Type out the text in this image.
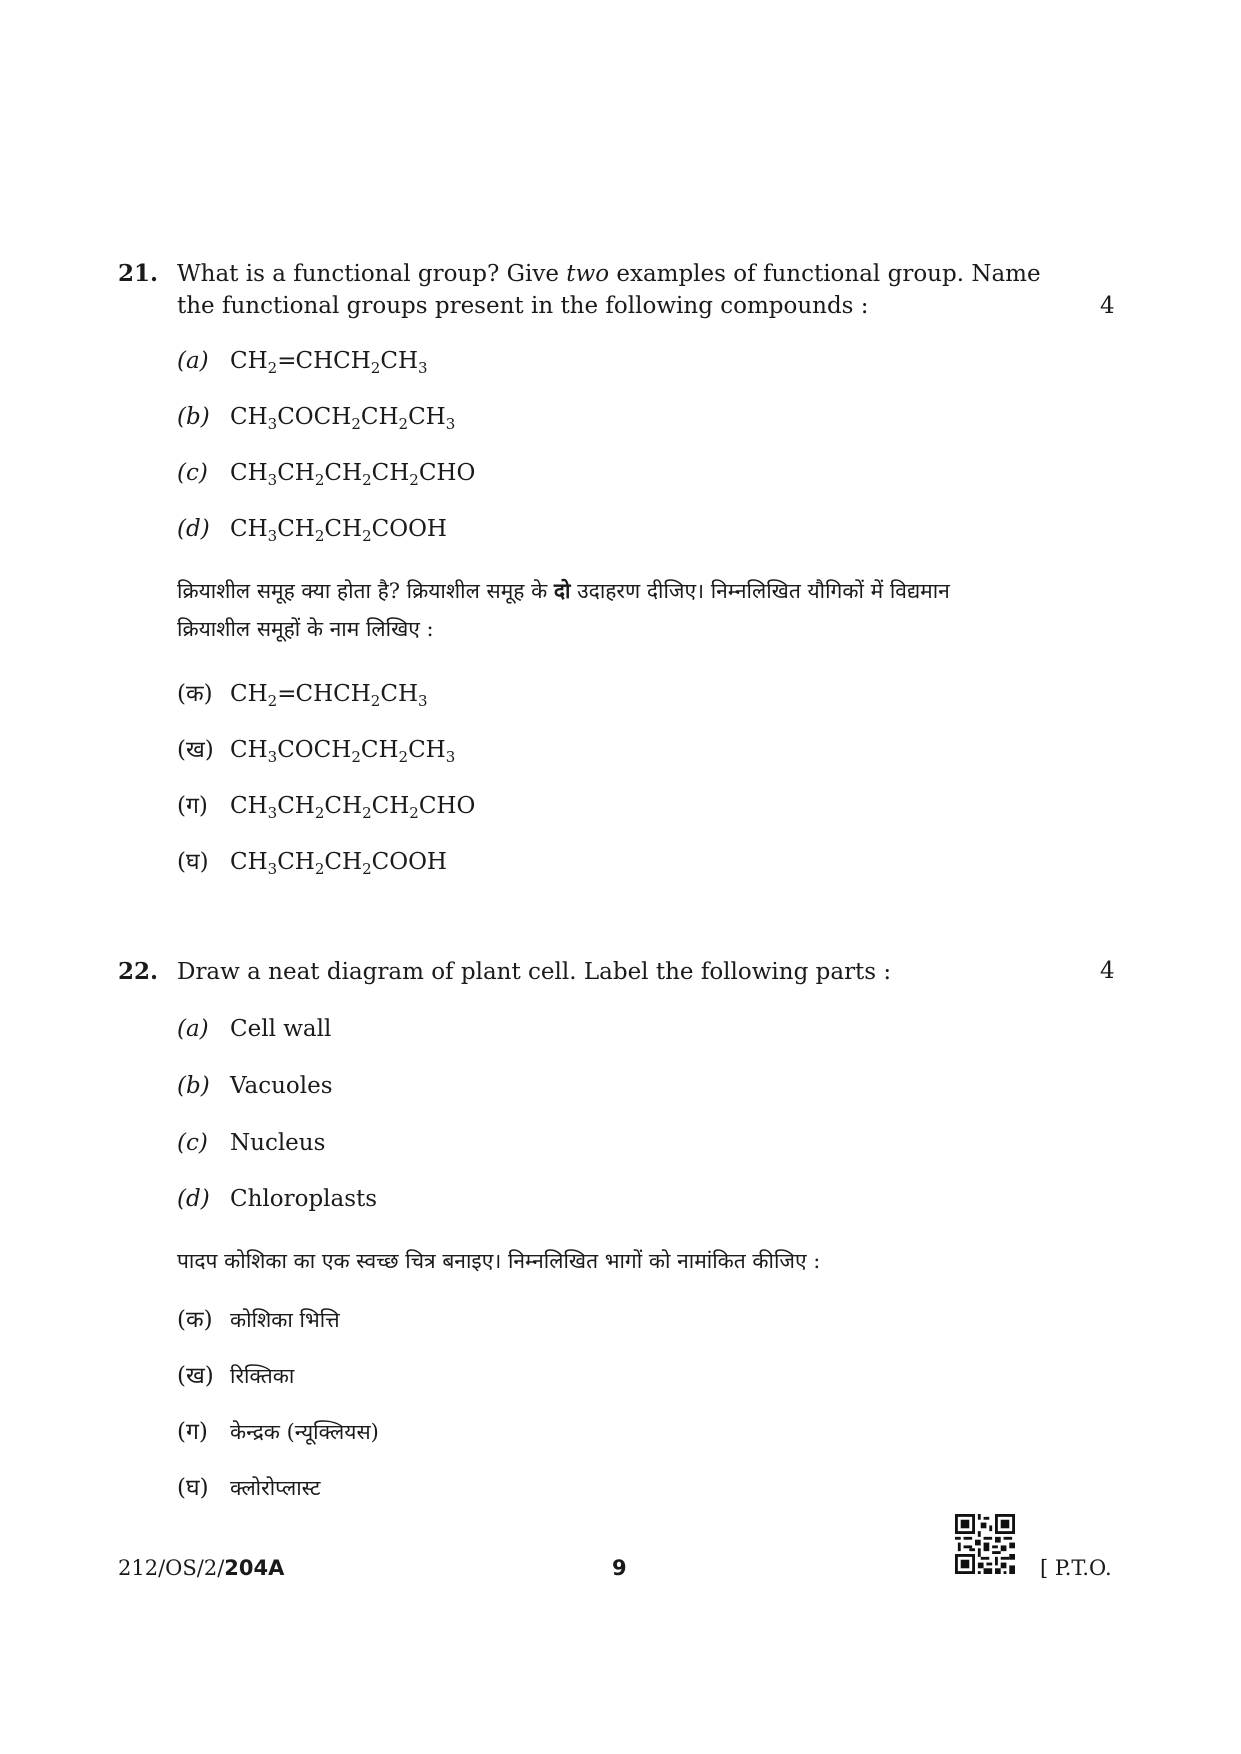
21. What is a functional group? Give two examples of functional group. Name
the functional groups present in the following compounds :	4
(a) $CH_2=CHCH_2CH_3$
(b) $CH_3COCH_2CH_2CH_3$
(c) $CH_3CH_2CH_2CH_2CHO$
(d) $CH_3CH_2CH_2COOH$
क्रियाशील समूह क्या होता है? क्रियाशील समूह के दो उदाहरण दीजिए। निम्नलिखित यौगिकों में विद्यमान
क्रियाशील समूहों के नाम लिखिए :
(क) $CH_2=CHCH_2CH_3$
(ख) $CH_3COCH_2CH_2CH_3$
(ग) $CH_3CH_2CH_2CH_2CHO$
(घ) $CH_3CH_2CH_2COOH$
22. Draw a neat diagram of plant cell. Label the following parts :	4
(a) Cell wall
(b) Vacuoles
(c) Nucleus
(d) Chloroplasts
पादप कोशिका का एक स्वच्छ चित्र बनाइए। निम्नलिखित भागों को नामांकित कीजिए :
(क) कोशिका भित्ति
(ख) रिक्तिका
(ग) केन्द्रक (न्यूक्लियस)
(घ) क्लोरोप्लास्ट
212/OS/2/204A	9	[ P.T.O.
